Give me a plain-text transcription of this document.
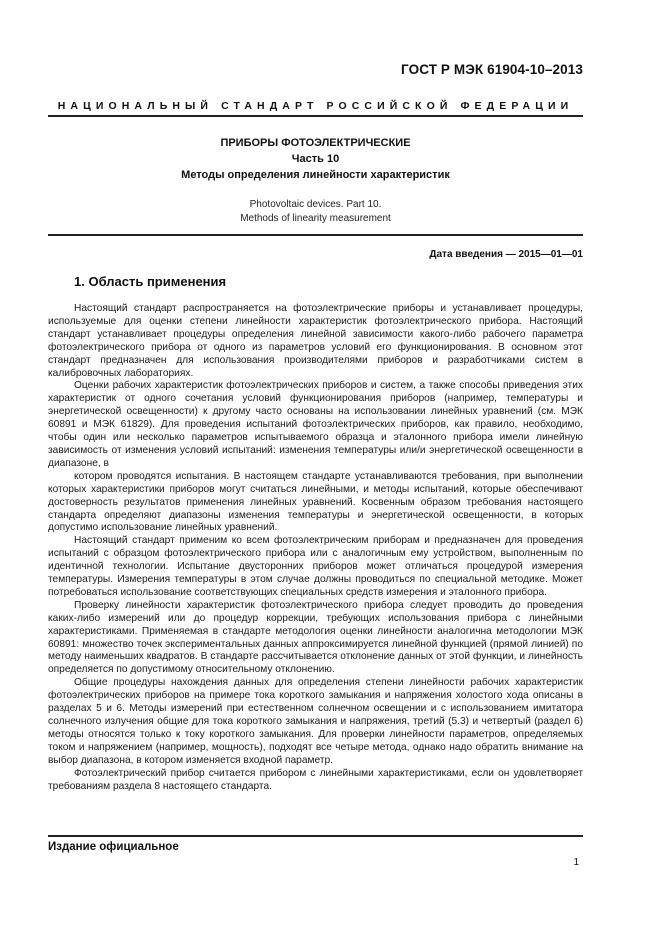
ГОСТ Р МЭК 61904-10–2013
НАЦИОНАЛЬНЫЙ СТАНДАРТ РОССИЙСКОЙ ФЕДЕРАЦИИ
ПРИБОРЫ ФОТОЭЛЕКТРИЧЕСКИЕ
Часть 10
Методы определения линейности характеристик
Photovoltaic devices. Part 10.
Methods of linearity measurement
Дата введения — 2015—01—01
1. Область применения

Настоящий стандарт распространяется на фотоэлектрические приборы и устанавливает процедуры, используемые для оценки степени линейности характеристик фотоэлектрического прибора. Настоящий стандарт устанавливает процедуры определения линейной зависимости какого-либо рабочего параметра фотоэлектрического прибора от одного из параметров условий его функционирования. В основном этот стандарт предназначен для использования производителями приборов и разработчиками систем в калибровочных лабораториях.

Оценки рабочих характеристик фотоэлектрических приборов и систем, а также способы приведения этих характеристик от одного сочетания условий функционирования приборов (например, температуры и энергетической освещенности) к другому часто основаны на использовании линейных уравнений (см. МЭК 60891 и МЭК 61829). Для проведения испытаний фотоэлектрических приборов, как правило, необходимо, чтобы один или несколько параметров испытываемого образца и эталонного прибора имели линейную зависимость от изменения условий испытаний: изменения температуры или/и энергетической освещенности в диапазоне, в

котором проводятся испытания. В настоящем стандарте устанавливаются требования, при выполнении которых характеристики приборов могут считаться линейными, и методы испытаний, которые обеспечивают достоверность результатов применения линейных уравнений. Косвенным образом требования настоящего стандарта определяют диапазоны изменения температуры и энергетической освещенности, в которых допустимо использование линейных уравнений.

Настоящий стандарт применим ко всем фотоэлектрическим приборам и предназначен для проведения испытаний с образцом фотоэлектрического прибора или с аналогичным ему устройством, выполненным по идентичной технологии. Испытание двусторонних приборов может отличаться процедурой измерения температуры. Измерения температуры в этом случае должны проводиться по специальной методике. Может потребоваться использование соответствующих специальных средств измерения и эталонного прибора.

Проверку линейности характеристик фотоэлектрического прибора следует проводить до проведения каких-либо измерений или до процедур коррекции, требующих использования прибора с линейными характеристиками. Применяемая в стандарте методология оценки линейности аналогична методологии МЭК 60891: множество точек экспериментальных данных аппроксимируется линейной функцией (прямой линией) по методу наименьших квадратов. В стандарте рассчитывается отклонение данных от этой функции, и линейность определяется по допустимому относительному отклонению.

Общие процедуры нахождения данных для определения степени линейности рабочих характеристик фотоэлектрических приборов на примере тока короткого замыкания и напряжения холостого хода описаны в разделах 5 и 6. Методы измерений при естественном солнечном освещении и с использованием имитатора солнечного излучения общие для тока короткого замыкания и напряжения, третий (5.3) и четвертый (раздел 6) методы относятся только к току короткого замыкания. Для проверки линейности параметров, определяемых током и напряжением (например, мощность), подходят все четыре метода, однако надо обратить внимание на выбор диапазона, в котором изменяется входной параметр.

Фотоэлектрический прибор считается прибором с линейными характеристиками, если он удовлетворяет требованиям раздела 8 настоящего стандарта.

Издание официальное
1
